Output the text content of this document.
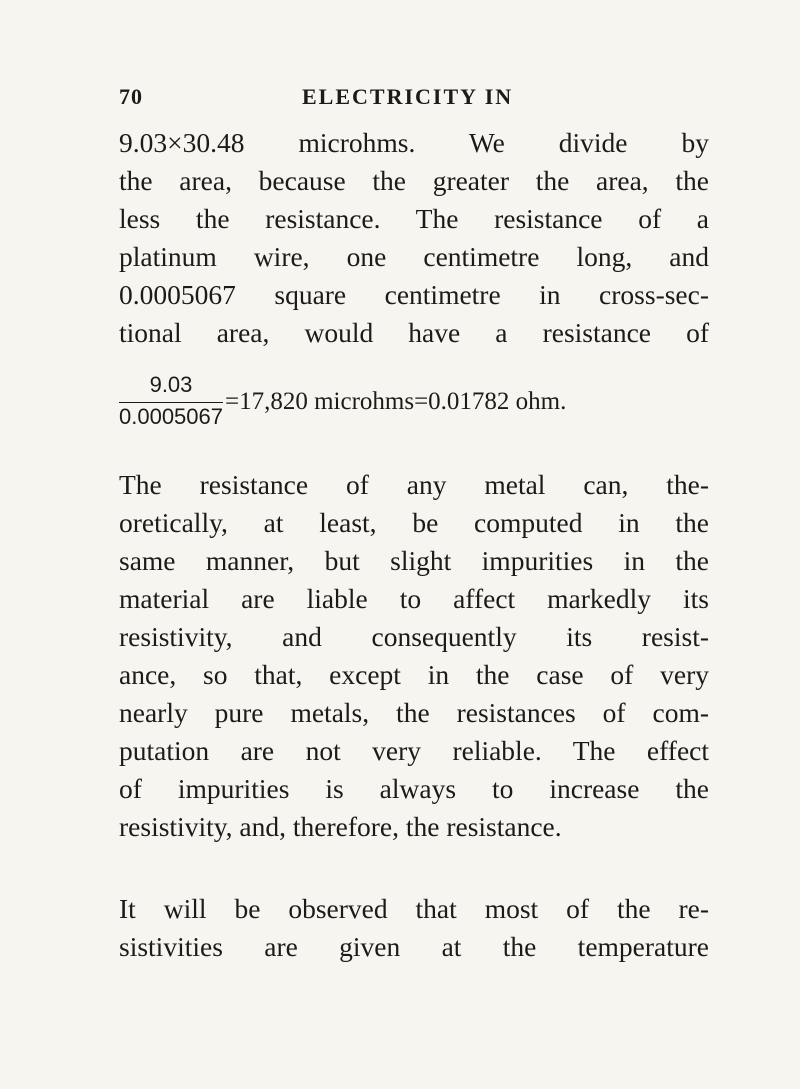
70	ELECTRICITY IN
9.03×30.48 microhms. We divide by
the area, because the greater the area, the
less the resistance. The resistance of a
platinum wire, one centimetre long, and
0.0005067 square centimetre in cross-sec-
tional area, would have a resistance of
9.03
0.0005067
=17,820 microhms=0.01782 ohm.
The resistance of any metal can, the-
oretically, at least, be computed in the
same manner, but slight impurities in the
material are liable to affect markedly its
resistivity, and consequently its resist-
ance, so that, except in the case of very
nearly pure metals, the resistances of com-
putation are not very reliable. The effect
of impurities is always to increase the
resistivity, and, therefore, the resistance.
It will be observed that most of the re-
sistivities are given at the temperature
